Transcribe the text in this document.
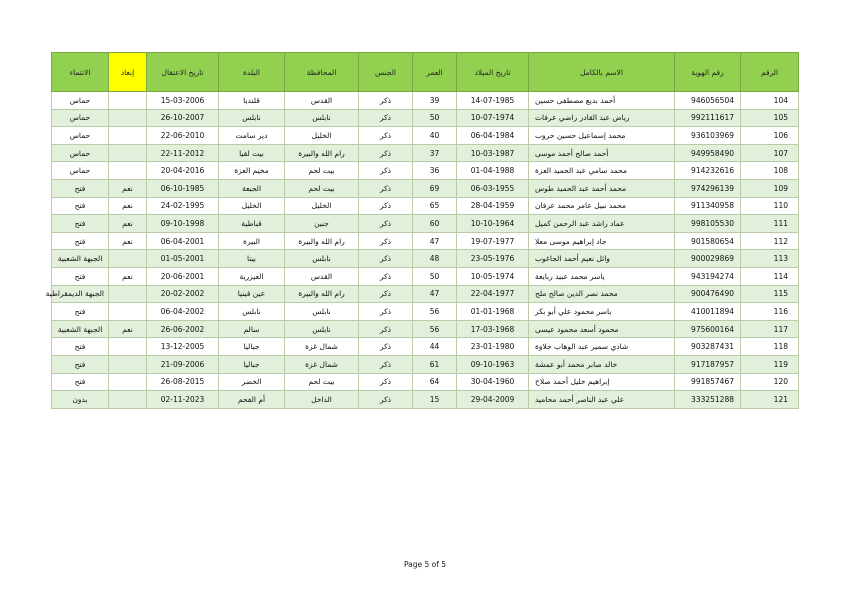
الرقم	رقم الهوية	الاسم بالكامل	تاريخ الميلاد	العمر	الجنس	المحافظة	البلدة	تاريخ الاعتقال	إبعاد	الانتماء
104	946056504	أحمد بديع مصطفى حسين	14-07-1985	39	ذكر	القدس	قلنديا	15-03-2006		حماس
105	992111617	رياض عبد القادر راضي عرفات	10-07-1974	50	ذكر	نابلس	نابلس	26-10-2007		حماس
106	936103969	محمد إسماعيل حسين حروب	06-04-1984	40	ذكر	الخليل	دير سامت	22-06-2010		حماس
107	949958490	أحمد صالح أحمد موسى	10-03-1987	37	ذكر	رام الله والبيرة	بيت لقيا	22-11-2012		حماس
108	914232616	محمد سامي عبد الحميد العزة	01-04-1988	36	ذكر	بيت لحم	مخيم العزة	20-04-2016		حماس
109	974296139	محمد أحمد عبد الحميد طوس	06-03-1955	69	ذكر	بيت لحم	الجبعة	06-10-1985	نعم	فتح
110	911340958	محمد نبيل عامر محمد عرفان	28-04-1959	65	ذكر	الخليل	الخليل	24-02-1995	نعم	فتح
111	998105530	عماد راشد عبد الرحمن كميل	10-10-1964	60	ذكر	جنين	قباطية	09-10-1998	نعم	فتح
112	901580654	جاد إبراهيم موسى معلا	19-07-1977	47	ذكر	رام الله والبيرة	البيرة	06-04-2001	نعم	فتح
113	900029869	وائل نعيم أحمد الجاغوب	23-05-1976	48	ذكر	نابلس	بيتا	01-05-2001		الجبهة الشعبية
114	943194274	ياسر محمد عبيد ربايعة	10-05-1974	50	ذكر	القدس	العيزرية	20-06-2001	نعم	فتح
115	900476490	محمد نصر الدين صالح ملح	22-04-1977	47	ذكر	رام الله والبيرة	عين قينيا	20-02-2002		الجبهة الديمقراطية
116	410011894	ياسر محمود علي أبو بكر	01-01-1968	56	ذكر	نابلس	نابلس	06-04-2002		فتح
117	975600164	محمود أسعد محمود عيسى	17-03-1968	56	ذكر	نابلس	سالم	26-06-2002	نعم	الجبهة الشعبية
118	903287431	شادي سمير عبد الوهاب حلاوة	23-01-1980	44	ذكر	شمال غزة	جباليا	13-12-2005		فتح
119	917187957	خالد صابر محمد أبو عمشة	09-10-1963	61	ذكر	شمال غزة	جباليا	21-09-2006		فتح
120	991857467	إبراهيم خليل أحمد صلاح	30-04-1960	64	ذكر	بيت لحم	الخضر	26-08-2015		فتح
121	333251288	علي عبد الناصر أحمد محاميد	29-04-2009	15	ذكر	الداخل	أم الفحم	02-11-2023		بدون
Page 5 of 5
